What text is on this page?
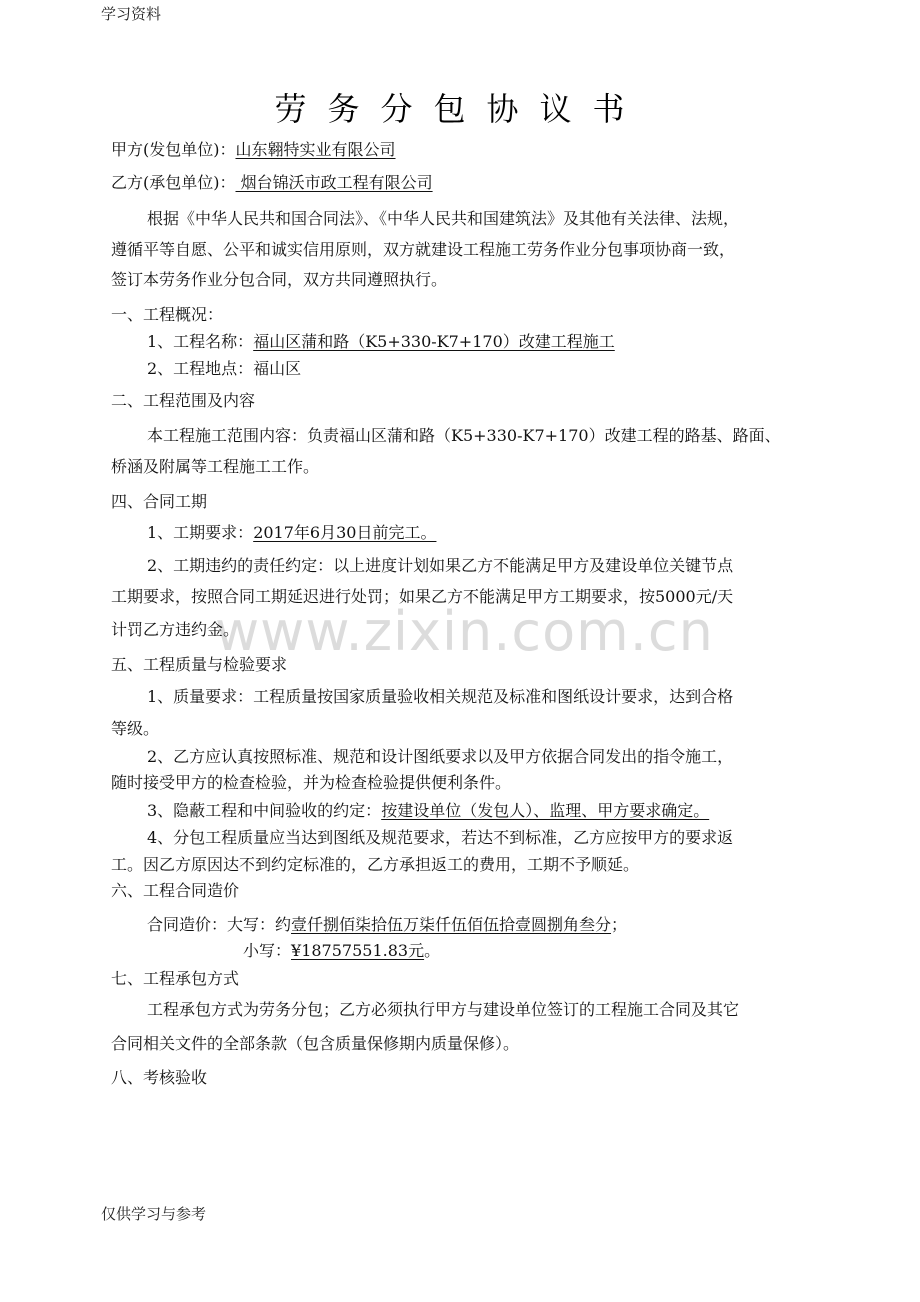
学习资料
www.zixin.com.cn
劳务分包协议书
甲方(发包单位)：山东翱特实业有限公司
乙方(承包单位)： 烟台锦沃市政工程有限公司
根据《中华人民共和国合同法》、《中华人民共和国建筑法》及其他有关法律、法规，
遵循平等自愿、公平和诚实信用原则，双方就建设工程施工劳务作业分包事项协商一致，
签订本劳务作业分包合同，双方共同遵照执行。
一、工程概况：
1、工程名称：福山区蒲和路（K5+330-K7+170）改建工程施工
2、工程地点：福山区
二、工程范围及内容
本工程施工范围内容：负责福山区蒲和路（K5+330-K7+170）改建工程的路基、路面、
桥涵及附属等工程施工工作。
四、合同工期
1、工期要求：2017年6月30日前完工。
2、工期违约的责任约定：以上进度计划如果乙方不能满足甲方及建设单位关键节点
工期要求，按照合同工期延迟进行处罚；如果乙方不能满足甲方工期要求，按5000元/天
计罚乙方违约金。
五、工程质量与检验要求
1、质量要求：工程质量按国家质量验收相关规范及标准和图纸设计要求，达到合格
等级。
2、乙方应认真按照标准、规范和设计图纸要求以及甲方依据合同发出的指令施工，
随时接受甲方的检查检验，并为检查检验提供便利条件。
3、隐蔽工程和中间验收的约定：按建设单位（发包人）、监理、甲方要求确定。
4、分包工程质量应当达到图纸及规范要求，若达不到标准，乙方应按甲方的要求返
工。因乙方原因达不到约定标准的，乙方承担返工的费用，工期不予顺延。
六、工程合同造价
合同造价：大写：约壹仟捌佰柒拾伍万柒仟伍佰伍拾壹圆捌角叁分；
小写：¥18757551.83元。
七、工程承包方式
工程承包方式为劳务分包；乙方必须执行甲方与建设单位签订的工程施工合同及其它
合同相关文件的全部条款（包含质量保修期内质量保修）。
八、考核验收
仅供学习与参考
